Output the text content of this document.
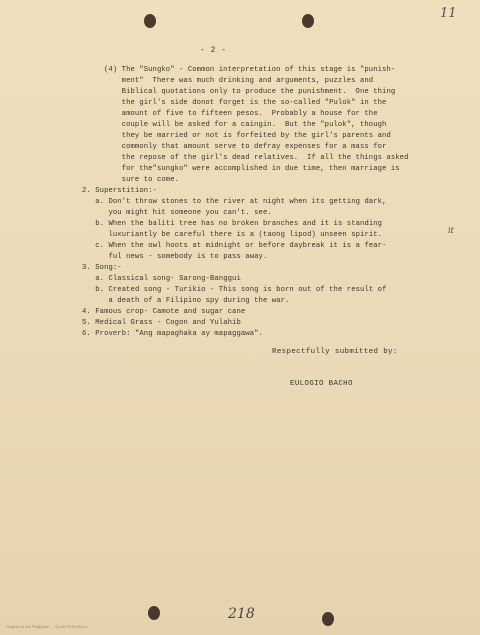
11
- 2 -
(4) The "Sungko" - Common interpretation of this stage is "punish-
ment"  There was much drinking and arguments, puzzles and
Biblical quotations only to produce the punishment.  One thing
the girl's side donot forget is the so-called "Pulok" in the
amount of five to fifteen pesos.  Probably a house for the
couple will be asked for a caingin.  But the "pulok", though
they be married or not is forfeited by the girl's parents and
commonly that amount serve to defray expenses for a mass for
the repose of the girl's dead relatives.  If all the things asked
for the"sungko" were accomplished in due time, then marriage is
sure to come.
2. Superstition:-
a. Don't throw stones to the river at night when its getting dark,
you might hit someone you can't. see.
b. When the baliti tree has no broken branches and it is standing
luxuriantly be careful there is a (taong lipod) unseen spirit.
c. When the owl hoots at midnight or before daybreak it is a fear-
ful news - somebody is to pass away.
3. Song:-
a. Classical song- Sarong-Banggui
b. Created song - Turikio - This song is born out of the result of
a death of a Filipino spy during the war.
4. Famous crop- Camote and sugar cane
5. Medical Grass - Cogon and Yulahib
6. Proverb: "Ang mapaghaka ay mapaggawa".
it
Respectfully submitted by:
EULOGIO BACHO
218
Original in the Philippine ... SCHIFFER/1963-L
